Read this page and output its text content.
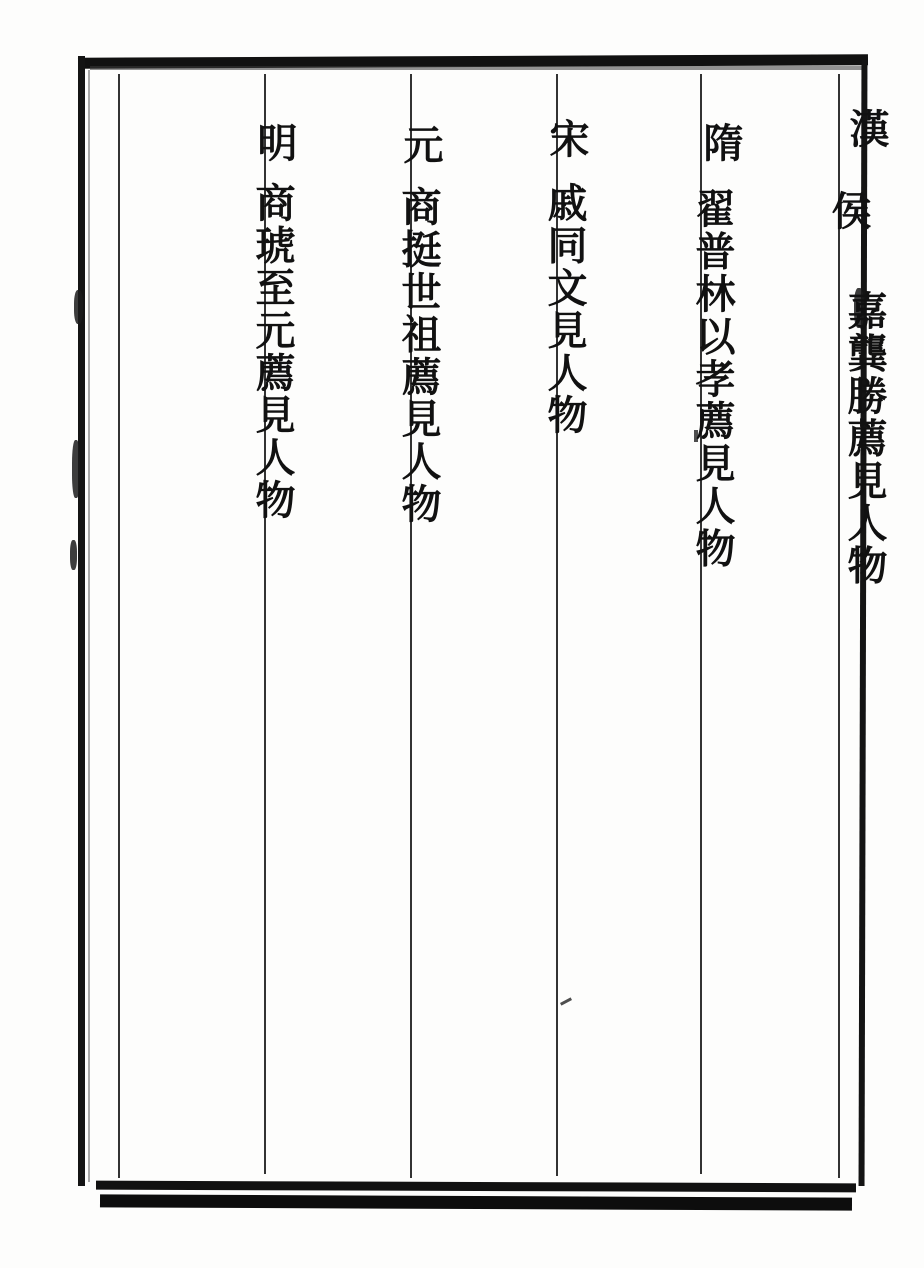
漢
侯
嘉龔勝薦見人物
隋
翟普林以孝薦見人物
宋
戚同文見人物
元
商挺世祖薦見人物
明
商琥至元薦見人物
